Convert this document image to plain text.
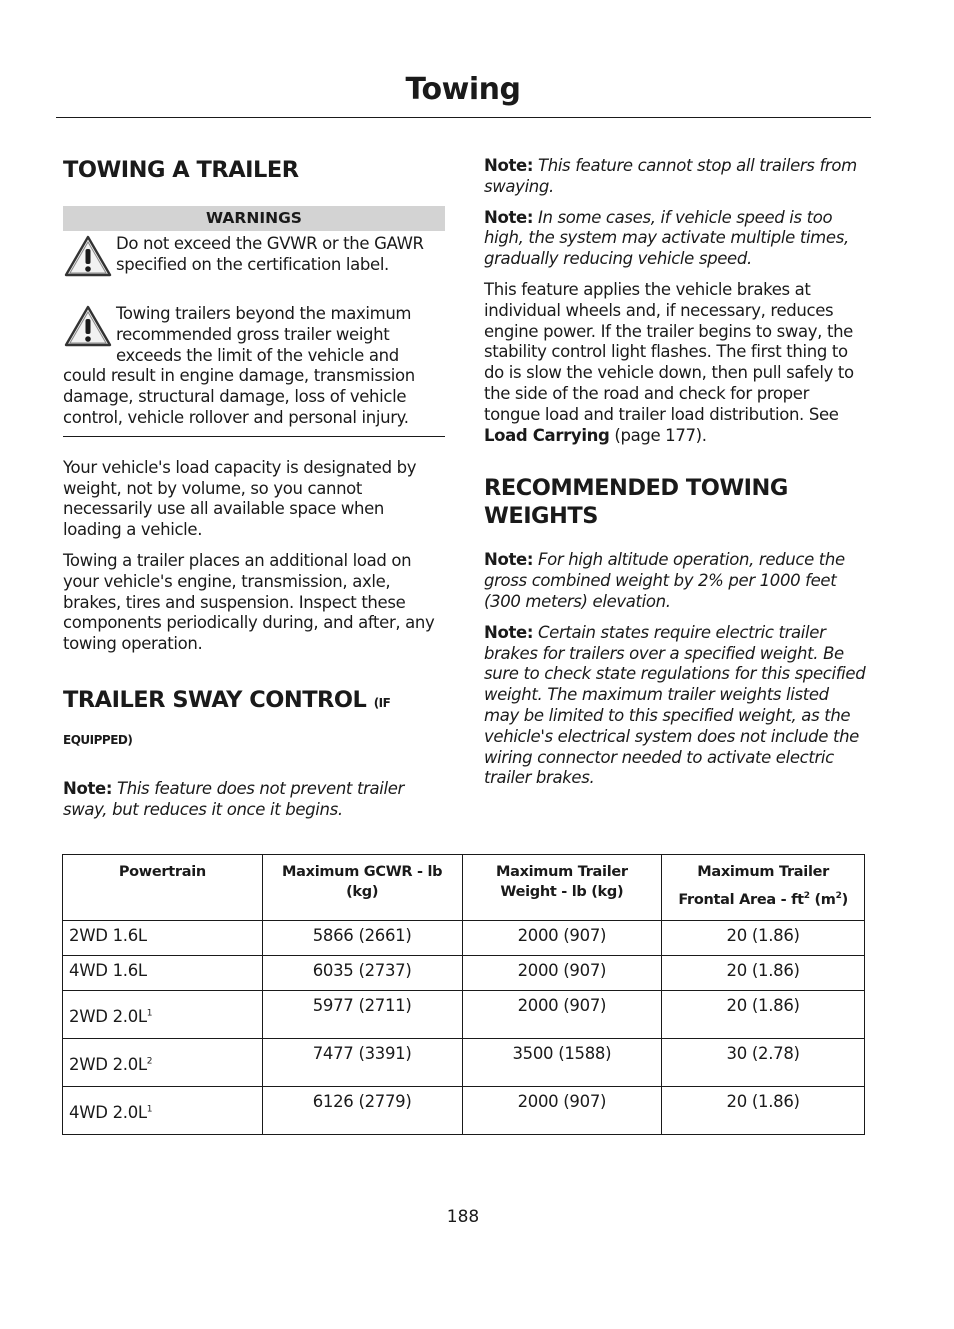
Towing
TOWING A TRAILER
WARNINGS
Do not exceed the GVWR or the GAWR specified on the certification label.
Towing trailers beyond the maximum recommended gross trailer weight exceeds the limit of the vehicle and could result in engine damage, transmission damage, structural damage, loss of vehicle control, vehicle rollover and personal injury.

Your vehicle's load capacity is designated by weight, not by volume, so you cannot necessarily use all available space when loading a vehicle.

Towing a trailer places an additional load on your vehicle's engine, transmission, axle, brakes, tires and suspension. Inspect these components periodically during, and after, any towing operation.

TRAILER SWAY CONTROL (IF EQUIPPED)

Note: This feature does not prevent trailer sway, but reduces it once it begins.

Note: This feature cannot stop all trailers from swaying.

Note: In some cases, if vehicle speed is too high, the system may activate multiple times, gradually reducing vehicle speed.

This feature applies the vehicle brakes at individual wheels and, if necessary, reduces engine power. If the trailer begins to sway, the stability control light flashes. The first thing to do is slow the vehicle down, then pull safely to the side of the road and check for proper tongue load and trailer load distribution. See Load Carrying (page 177).

RECOMMENDED TOWING WEIGHTS

Note: For high altitude operation, reduce the gross combined weight by 2% per 1000 feet (300 meters) elevation.

Note: Certain states require electric trailer brakes for trailers over a specified weight. Be sure to check state regulations for this specified weight. The maximum trailer weights listed may be limited to this specified weight, as the vehicle's electrical system does not include the wiring connector needed to activate electric trailer brakes.

Powertrain	Maximum GCWR - lb (kg)	Maximum Trailer Weight - lb (kg)	Maximum Trailer
Frontal Area - $ft^2$ $(m^2)$
2WD 1.6L	5866 (2661)	2000 (907)	20 (1.86)
4WD 1.6L	6035 (2737)	2000 (907)	20 (1.86)
2WD $2.0L^1$	5977 (2711)	2000 (907)	20 (1.86)
2WD $2.0L^2$	7477 (3391)	3500 (1588)	30 (2.78)
4WD $2.0L^1$	6126 (2779)	2000 (907)	20 (1.86)
188
